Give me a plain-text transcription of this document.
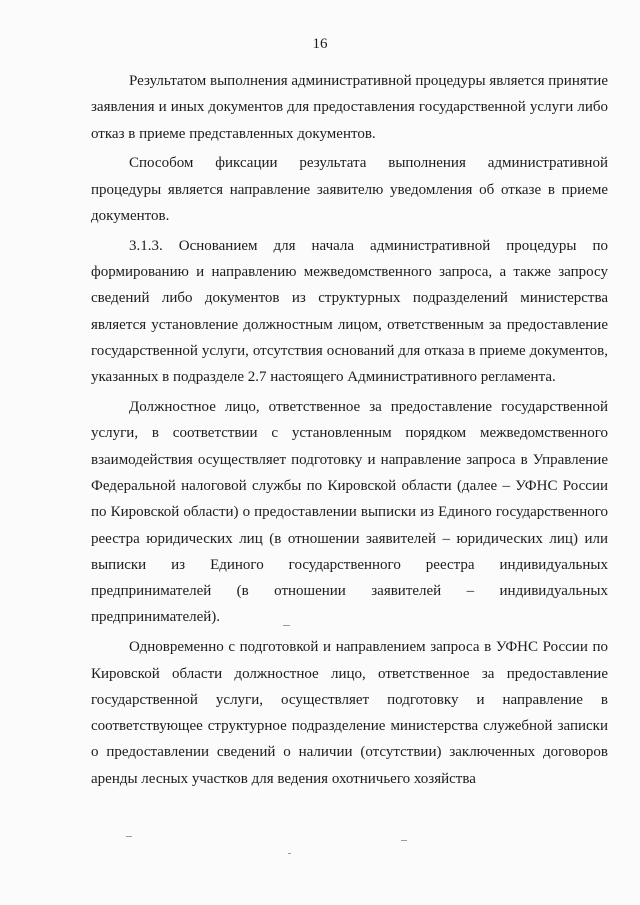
16

Результатом выполнения административной процедуры является принятие заявления и иных документов для предоставления государственной услуги либо отказ в приеме представленных документов.

Способом фиксации результата выполнения административной процедуры является направление заявителю уведомления об отказе в приеме документов.

3.1.3. Основанием для начала административной процедуры по формированию и направлению межведомственного запроса, а также запросу сведений либо документов из структурных подразделений министерства является установление должностным лицом, ответственным за предоставление государственной услуги, отсутствия оснований для отказа в приеме документов, указанных в подразделе 2.7 настоящего Административного регламента.

Должностное лицо, ответственное за предоставление государственной услуги, в соответствии с установленным порядком межведомственного взаимодействия осуществляет подготовку и направление запроса в Управление Федеральной налоговой службы по Кировской области (далее – УФНС России по Кировской области) о предоставлении выписки из Единого государственного реестра юридических лиц (в отношении заявителей – юридических лиц) или выписки из Единого государственного реестра индивидуальных предпринимателей (в отношении заявителей – индивидуальных предпринимателей).

Одновременно с подготовкой и направлением запроса в УФНС России по Кировской области должностное лицо, ответственное за предоставление государственной услуги, осуществляет подготовку и направление в соответствующее структурное подразделение министерства служебной записки о предоставлении сведений о наличии (отсутствии) заключенных договоров аренды лесных участков для ведения охотничьего хозяйства
